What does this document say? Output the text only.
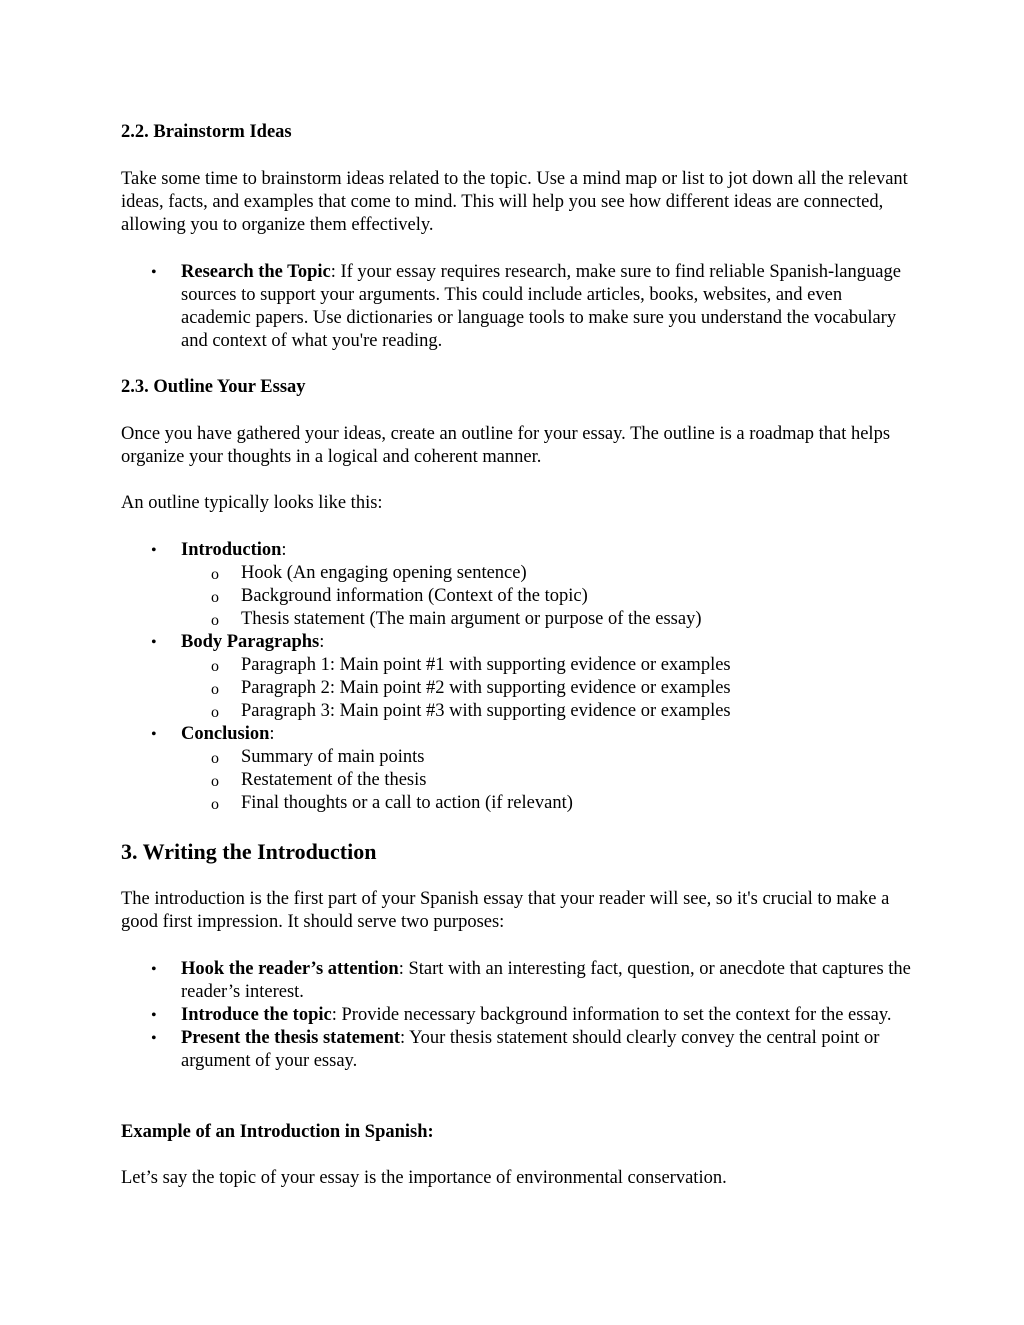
2.2. Brainstorm Ideas

Take some time to brainstorm ideas related to the topic. Use a mind map or list to jot down all the relevant ideas, facts, and examples that come to mind. This will help you see how different ideas are connected, allowing you to organize them effectively.

• Research the Topic: If your essay requires research, make sure to find reliable Spanish-language sources to support your arguments. This could include articles, books, websites, and even academic papers. Use dictionaries or language tools to make sure you understand the vocabulary and context of what you're reading.
2.3. Outline Your Essay

Once you have gathered your ideas, create an outline for your essay. The outline is a roadmap that helps organize your thoughts in a logical and coherent manner.

An outline typically looks like this:

• Introduction:
o Hook (An engaging opening sentence)
o Background information (Context of the topic)
o Thesis statement (The main argument or purpose of the essay)
• Body Paragraphs:
o Paragraph 1: Main point #1 with supporting evidence or examples
o Paragraph 2: Main point #2 with supporting evidence or examples
o Paragraph 3: Main point #3 with supporting evidence or examples
• Conclusion:
o Summary of main points
o Restatement of the thesis
o Final thoughts or a call to action (if relevant)
3. Writing the Introduction

The introduction is the first part of your Spanish essay that your reader will see, so it's crucial to make a good first impression. It should serve two purposes:

• Hook the reader’s attention: Start with an interesting fact, question, or anecdote that captures the reader’s interest.
• Introduce the topic: Provide necessary background information to set the context for the essay.
• Present the thesis statement: Your thesis statement should clearly convey the central point or argument of your essay.
Example of an Introduction in Spanish:

Let’s say the topic of your essay is the importance of environmental conservation.
